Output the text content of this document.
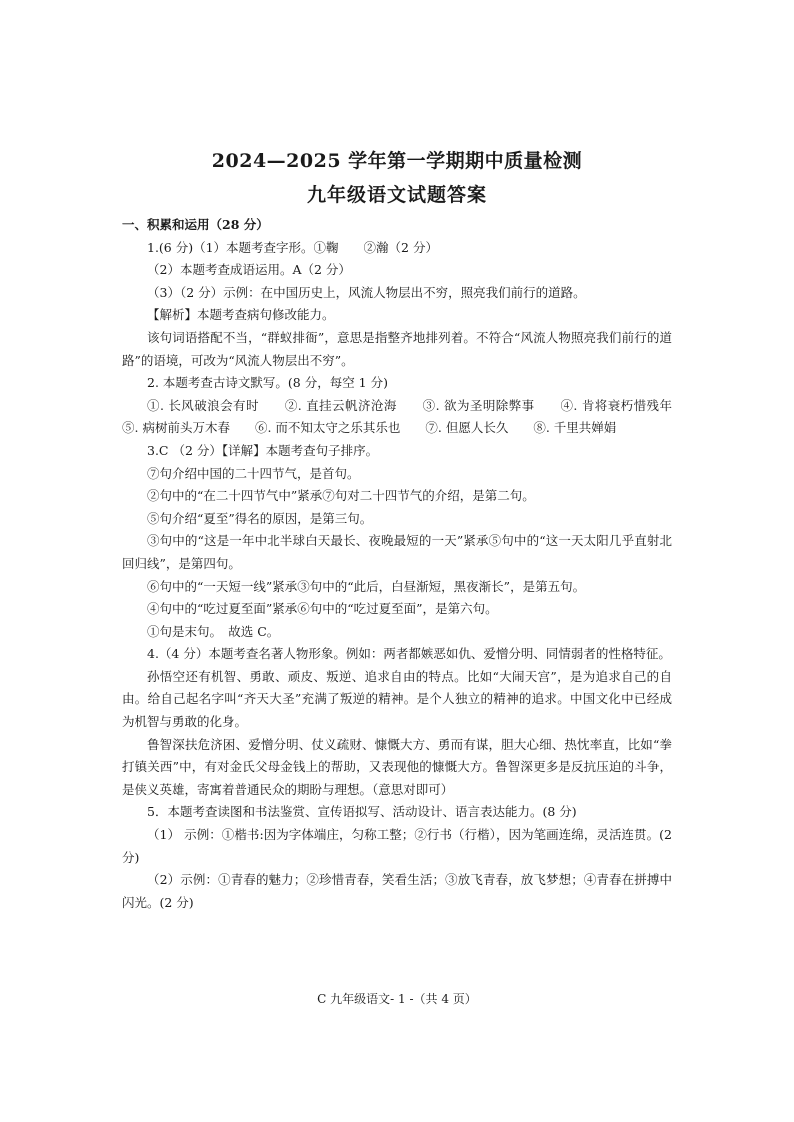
2024—2025 学年第一学期期中质量检测
九年级语文试题答案
一、积累和运用（28 分）

1.(6 分)（1）本题考查字形。①鞠　　②瀚（2 分）

（2）本题考查成语运用。A（2 分）

（3）（2 分）示例：在中国历史上，风流人物层出不穷，照亮我们前行的道路。

【解析】本题考查病句修改能力。

该句词语搭配不当，“群蚁排衙”，意思是指整齐地排列着。不符合“风流人物照亮我们前行的道路”的语境，可改为“风流人物层出不穷”。

2. 本题考查古诗文默写。(8 分，每空 1 分)

①. 长风破浪会有时　　②. 直挂云帆济沧海　　③. 欲为圣明除弊事　　④. 肯将衰朽惜残年　　⑤. 病树前头万木春　　⑥. 而不知太守之乐其乐也　　⑦. 但愿人长久　　⑧. 千里共婵娟

3.C （2 分）【详解】本题考查句子排序。

⑦句介绍中国的二十四节气，是首句。

②句中的“在二十四节气中”紧承⑦句对二十四节气的介绍，是第二句。

⑤句介绍“夏至”得名的原因，是第三句。

③句中的“这是一年中北半球白天最长、夜晚最短的一天”紧承⑤句中的“这一天太阳几乎直射北回归线”，是第四句。

⑥句中的“一天短一线”紧承③句中的“此后，白昼渐短，黑夜渐长”，是第五句。

④句中的“吃过夏至面”紧承⑥句中的“吃过夏至面”，是第六句。

①句是末句。　故选 C。

4.（4 分）本题考查名著人物形象。例如：两者都嫉恶如仇、爱憎分明、同情弱者的性格特征。

孙悟空还有机智、勇敢、顽皮、叛逆、追求自由的特点。比如“大闹天宫”，是为追求自己的自由。给自己起名字叫“齐天大圣”充满了叛逆的精神。是个人独立的精神的追求。中国文化中已经成为机智与勇敢的化身。

鲁智深扶危济困、爱憎分明、仗义疏财、慷慨大方、勇而有谋，胆大心细、热忱率直，比如“拳打镇关西”中，有对金氏父母金钱上的帮助，又表现他的慷慨大方。鲁智深更多是反抗压迫的斗争，是侠义英雄，寄寓着普通民众的期盼与理想。（意思对即可）

5．本题考查读图和书法鉴赏、宣传语拟写、活动设计、语言表达能力。(8 分)

（1） 示例：①楷书:因为字体端庄，匀称工整；②行书（行楷），因为笔画连绵，灵活连贯。(2 分)

（2）示例：①青春的魅力；②珍惜青春，笑看生活；③放飞青春，放飞梦想；④青春在拼搏中闪光。(2 分)

C 九年级语文- 1 -（共 4 页）
